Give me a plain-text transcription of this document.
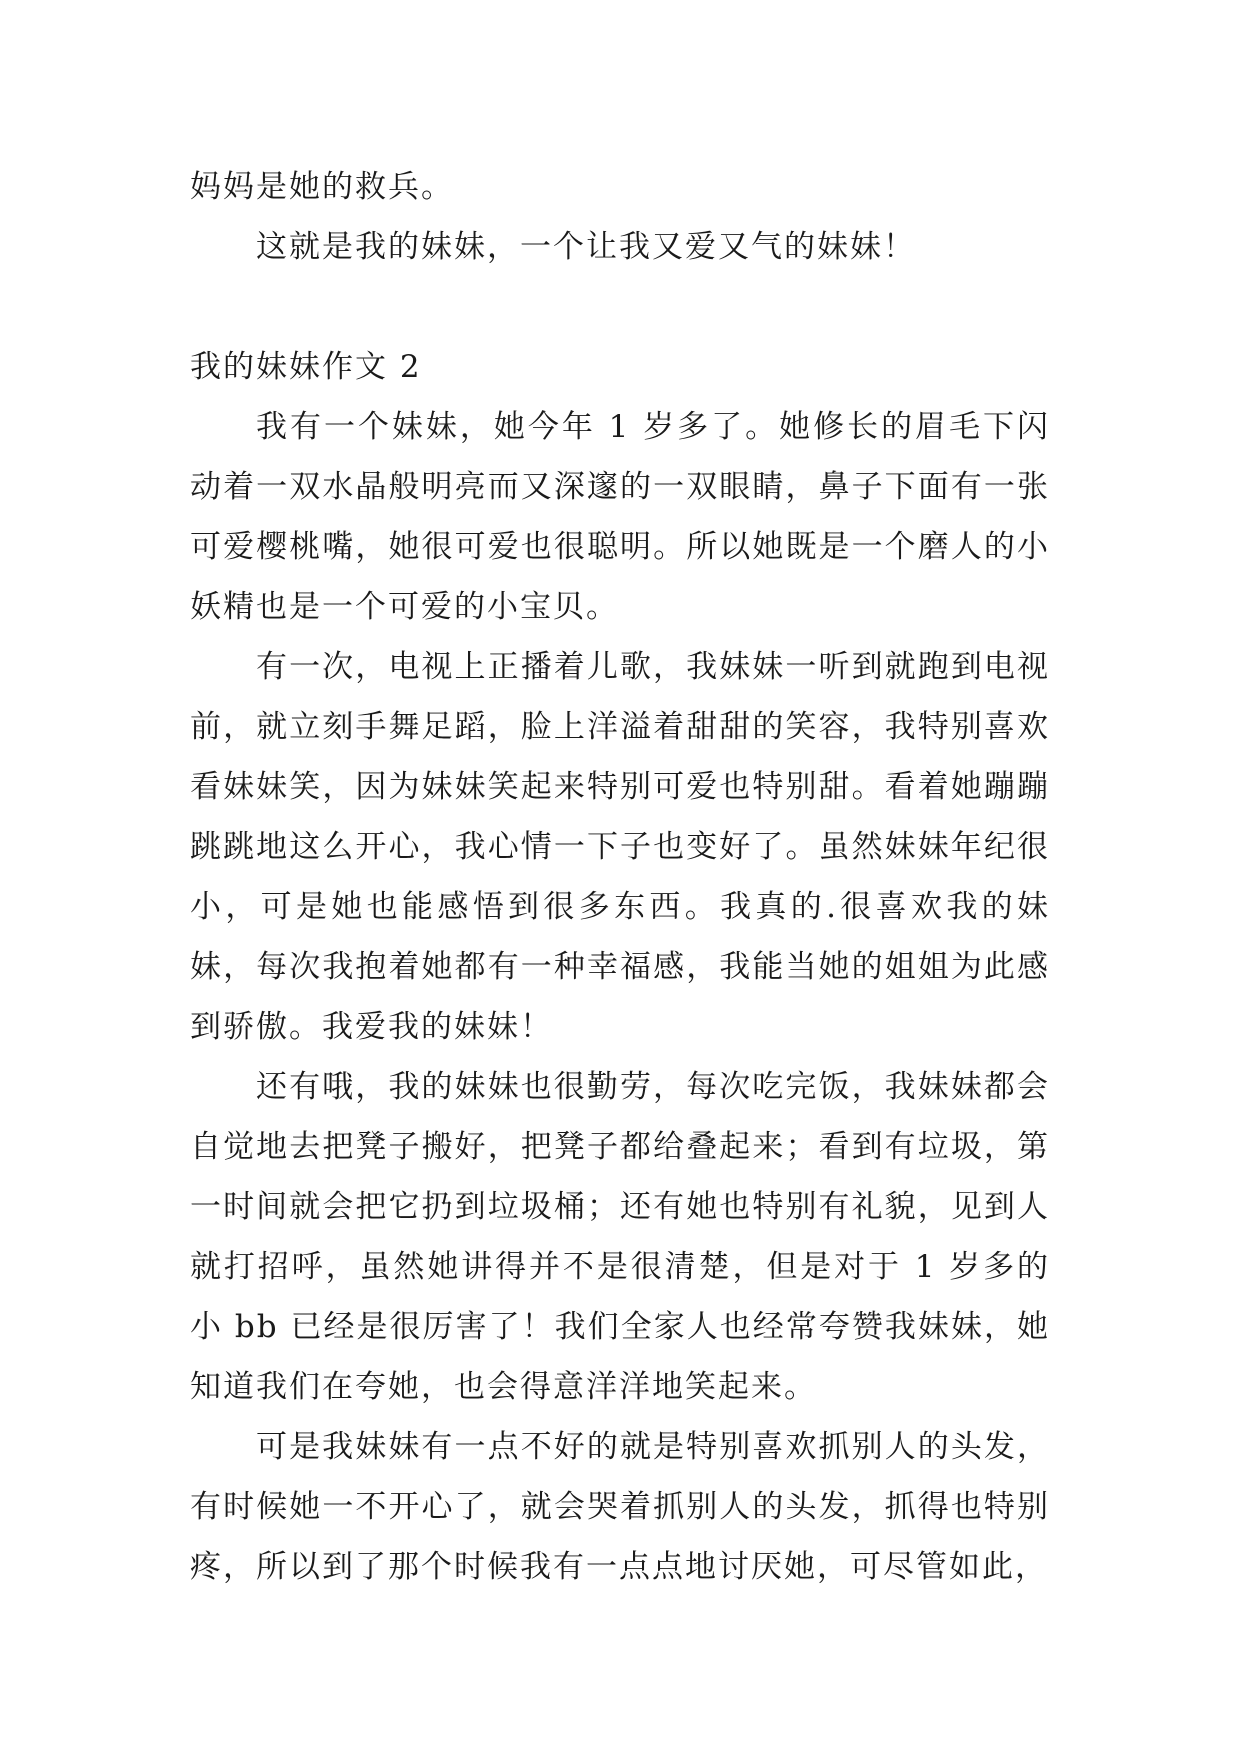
妈妈是她的救兵。

这就是我的妹妹，一个让我又爱又气的妹妹！

我的妹妹作文 2

我有一个妹妹，她今年 1 岁多了。她修长的眉毛下闪动着一双水晶般明亮而又深邃的一双眼睛，鼻子下面有一张可爱樱桃嘴，她很可爱也很聪明。所以她既是一个磨人的小妖精也是一个可爱的小宝贝。

有一次，电视上正播着儿歌，我妹妹一听到就跑到电视前，就立刻手舞足蹈，脸上洋溢着甜甜的笑容，我特别喜欢看妹妹笑，因为妹妹笑起来特别可爱也特别甜。看着她蹦蹦跳跳地这么开心，我心情一下子也变好了。虽然妹妹年纪很小，可是她也能感悟到很多东西。我真的.很喜欢我的妹妹，每次我抱着她都有一种幸福感，我能当她的姐姐为此感到骄傲。我爱我的妹妹！

还有哦，我的妹妹也很勤劳，每次吃完饭，我妹妹都会自觉地去把凳子搬好，把凳子都给叠起来；看到有垃圾，第一时间就会把它扔到垃圾桶；还有她也特别有礼貌，见到人就打招呼，虽然她讲得并不是很清楚，但是对于 1 岁多的小 bb 已经是很厉害了！我们全家人也经常夸赞我妹妹，她知道我们在夸她，也会得意洋洋地笑起来。

可是我妹妹有一点不好的就是特别喜欢抓别人的头发，有时候她一不开心了，就会哭着抓别人的头发，抓得也特别疼，所以到了那个时候我有一点点地讨厌她，可尽管如此，
